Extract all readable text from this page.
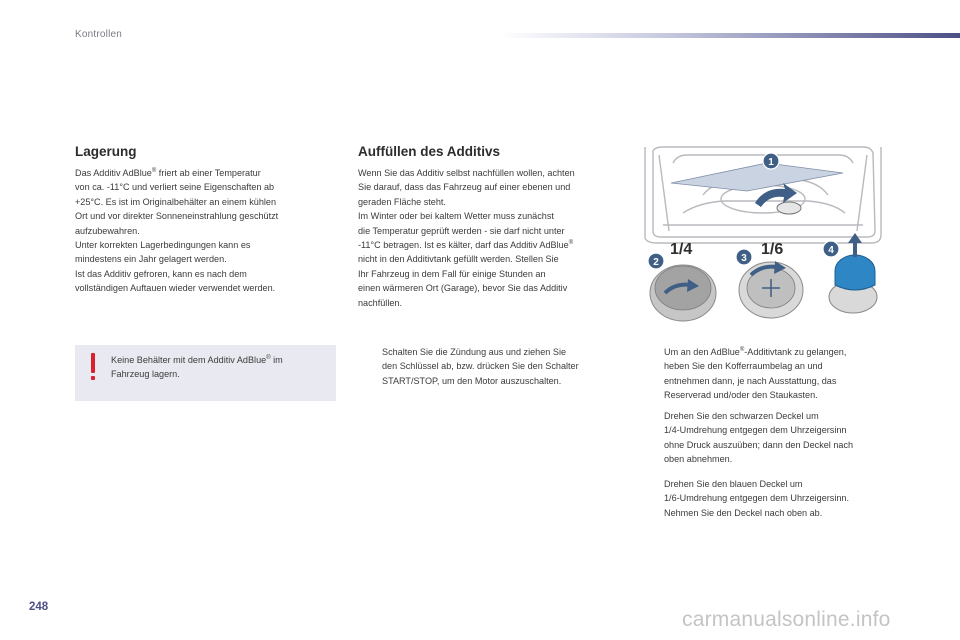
Kontrollen
Lagerung
Das Additiv AdBlue® friert ab einer Temperatur
von ca. -11°C und verliert seine Eigenschaften ab
+25°C. Es ist im Originalbehälter an einem kühlen
Ort und vor direkter Sonneneinstrahlung geschützt
aufzubewahren.
Unter korrekten Lagerbedingungen kann es
mindestens ein Jahr gelagert werden.
Ist das Additiv gefroren, kann es nach dem
vollständigen Auftauen wieder verwendet werden.
Keine Behälter mit dem Additiv AdBlue® im
Fahrzeug lagern.
Auffüllen des Additivs
Wenn Sie das Additiv selbst nachfüllen wollen, achten
Sie darauf, dass das Fahrzeug auf einer ebenen und
geraden Fläche steht.
Im Winter oder bei kaltem Wetter muss zunächst
die Temperatur geprüft werden - sie darf nicht unter
-11°C betragen. Ist es kälter, darf das Additiv AdBlue®
nicht in den Additivtank gefüllt werden. Stellen Sie
Ihr Fahrzeug in dem Fall für einige Stunden an
einen wärmeren Ort (Garage), bevor Sie das Additiv
nachfüllen.
Schalten Sie die Zündung aus und ziehen Sie
den Schlüssel ab, bzw. drücken Sie den Schalter
START/STOP, um den Motor auszuschalten.
Um an den AdBlue®-Additivtank zu gelangen,
heben Sie den Kofferraumbelag an und
entnehmen dann, je nach Ausstattung, das
Reserverad und/oder den Staukasten.
Drehen Sie den schwarzen Deckel um
1/4-Umdrehung entgegen dem Uhrzeigersinn
ohne Druck auszuüben; dann den Deckel nach
oben abnehmen.
Drehen Sie den blauen Deckel um
1/6-Umdrehung entgegen dem Uhrzeigersinn.
Nehmen Sie den Deckel nach oben ab.
1
1/4	1/6
2	3
4
248
carmanualsonline.info
